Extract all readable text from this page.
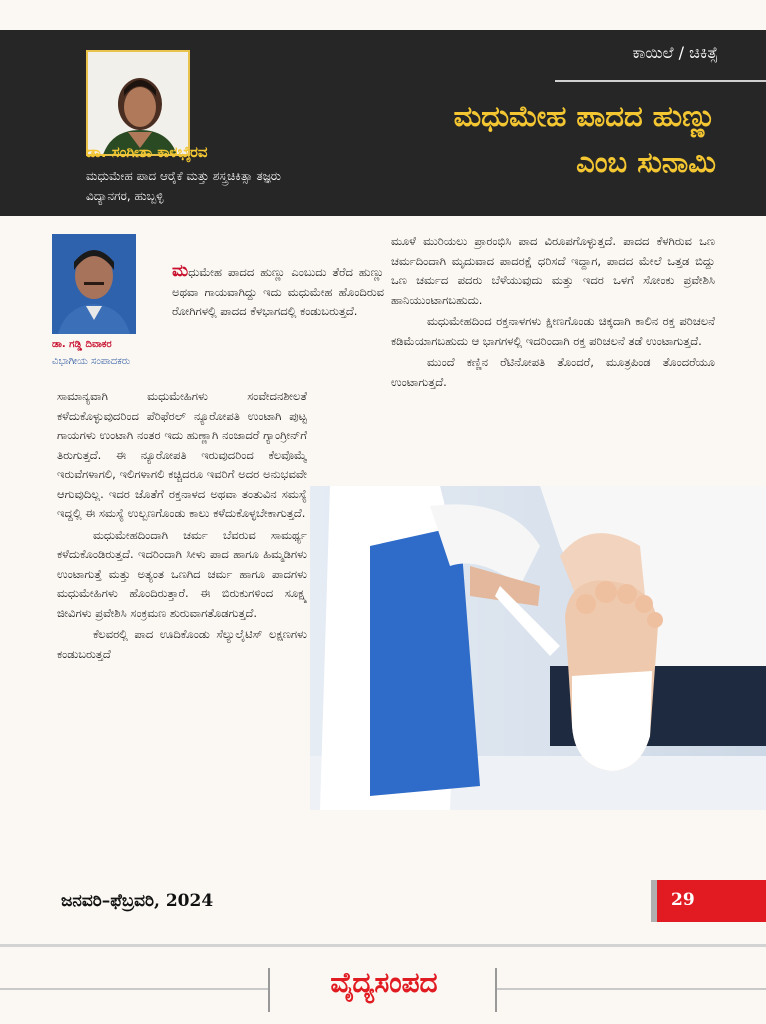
ಡಾ. ಸಂಗೀತಾ ಕಾಳಭೈರವ
ಮಧುಮೇಹ ಪಾದ ಆರೈಕೆ ಮತ್ತು ಶಸ್ತ್ರಚಿಕಿತ್ಸಾ ತಜ್ಞರು
ವಿದ್ಯಾನಗರ, ಹುಬ್ಬಳ್ಳಿ
ಕಾಯಿಲೆ / ಚಿಕಿತ್ಸೆ
ಮಧುಮೇಹ ಪಾದದ ಹುಣ್ಣು
ಎಂಬ ಸುನಾಮಿ
ಡಾ. ಗಡ್ಡಿ ದಿವಾಕರ
ವಿಭಾಗೀಯ ಸಂಪಾದಕರು

ಮಧುಮೇಹ ಪಾದದ ಹುಣ್ಣು ಎಂಬುದು ತೆರೆದ ಹುಣ್ಣು ಅಥವಾ ಗಾಯವಾಗಿದ್ದು ಇದು ಮಧುಮೇಹ ಹೊಂದಿರುವ ರೋಗಿಗಳಲ್ಲಿ ಪಾದದ ಕೆಳಭಾಗದಲ್ಲಿ ಕಂಡುಬರುತ್ತದೆ.

ಸಾಮಾನ್ಯವಾಗಿ ಮಧುಮೇಹಿಗಳು ಸಂವೇದನಶೀಲತೆ ಕಳೆದುಕೊಳ್ಳುವುದರಿಂದ ಪೆರಿಫೆರಲ್ ನ್ಯೂರೋಪತಿ ಉಂಟಾಗಿ ಪುಟ್ಟ ಗಾಯಗಳು ಉಂಟಾಗಿ ನಂತರ ಇದು ಹುಣ್ಣಾಗಿ ನಂಜಾದರೆ ಗ್ಯಾಂಗ್ರೀನ್‌ಗೆ ತಿರುಗುತ್ತದೆ. ಈ ನ್ಯೂರೋಪತಿ ಇರುವುದರಿಂದ ಕೆಲವೊಮ್ಮೆ ಇರುವೆಗಳಾಗಲಿ, ಇಲಿಗಳಾಗಲಿ ಕಚ್ಚಿದರೂ ಇವರಿಗೆ ಅದರ ಅನುಭವವೇ ಆಗುವುದಿಲ್ಲ. ಇದರ ಜೊತೆಗೆ ರಕ್ತನಾಳದ ಅಥವಾ ತಂತುವಿನ ಸಮಸ್ಯೆ ಇದ್ದಲ್ಲಿ ಈ ಸಮಸ್ಯೆ ಉಲ್ಬಣಗೊಂಡು ಕಾಲು ಕಳೆದುಕೊಳ್ಳಬೇಕಾಗುತ್ತದೆ.

ಮಧುಮೇಹದಿಂದಾಗಿ ಚರ್ಮ ಬೆವರುವ ಸಾಮರ್ಥ್ಯ ಕಳೆದುಕೊಂಡಿರುತ್ತದೆ. ಇದರಿಂದಾಗಿ ಸೀಳು ಪಾದ ಹಾಗೂ ಹಿಮ್ಮಡಿಗಳು ಉಂಟಾಗುತ್ತೆ ಮತ್ತು ಅತ್ಯಂತ ಒಣಗಿದ ಚರ್ಮ ಹಾಗೂ ಪಾದಗಳು ಮಧುಮೇಹಿಗಳು ಹೊಂದಿರುತ್ತಾರೆ. ಈ ಬಿರುಕುಗಳಿಂದ ಸೂಕ್ಷ್ಮ ಜೀವಿಗಳು ಪ್ರವೇಶಿಸಿ ಸಂಕ್ರಮಣ ಶುರುವಾಗತೊಡಗುತ್ತದೆ.

ಕೆಲವರಲ್ಲಿ ಪಾದ ಊದಿಕೊಂಡು ಸೆಲ್ಯುಲೈಟಿಸ್ ಲಕ್ಷಣಗಳು ಕಂಡುಬರುತ್ತದೆ

ಮೂಳೆ ಮುರಿಯಲು ಪ್ರಾರಂಭಿಸಿ ಪಾದ ವಿರೂಪಗೊಳ್ಳುತ್ತದೆ. ಪಾದದ ಕೆಳಗಿರುವ ಒಣ ಚರ್ಮದಿಂದಾಗಿ ಮೃದುವಾದ ಪಾದರಕ್ಷೆ ಧರಿಸದೆ ಇದ್ದಾಗ, ಪಾದದ ಮೇಲೆ ಒತ್ತಡ ಬಿದ್ದು ಒಣ ಚರ್ಮದ ಪದರು ಬೆಳೆಯುವುದು ಮತ್ತು ಇದರ ಒಳಗೆ ಸೋಂಕು ಪ್ರವೇಶಿಸಿ ಹಾನಿಯುಂಟಾಗಬಹುದು.

ಮಧುಮೇಹದಿಂದ ರಕ್ತನಾಳಗಳು ಕ್ಷೀಣಗೊಂಡು ಚಿಕ್ಕದಾಗಿ ಕಾಲಿನ ರಕ್ತ ಪರಿಚಲನೆ ಕಡಿಮೆಯಾಗಬಹುದು ಆ ಭಾಗಗಳಲ್ಲಿ ಇದರಿಂದಾಗಿ ರಕ್ತ ಪರಿಚಲನೆ ತಡೆ ಉಂಟಾಗುತ್ತದೆ.

ಮುಂದೆ ಕಣ್ಣಿನ ರೆಟಿನೋಪತಿ ತೊಂದರೆ, ಮೂತ್ರಪಿಂಡ ತೊಂದರೆಯೂ ಉಂಟಾಗುತ್ತದೆ.

ಜನವರಿ–ಫೆಬ್ರವರಿ, 2024	29
ವೈದ್ಯಸಂಪದ
